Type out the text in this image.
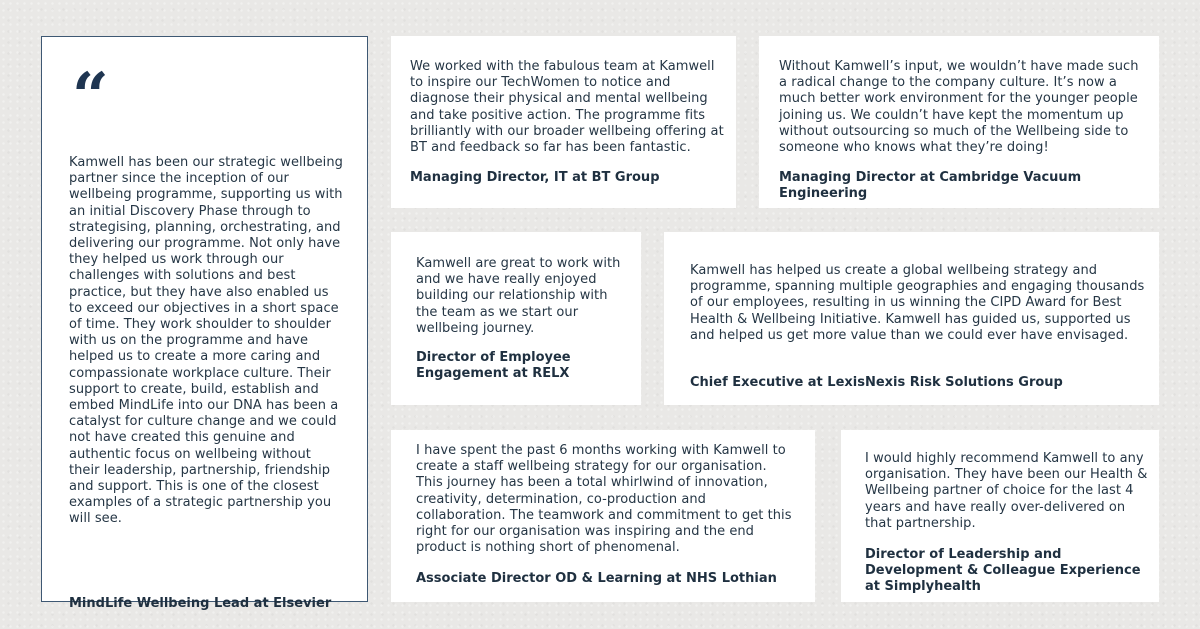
“

Kamwell has been our strategic wellbeing partner since the inception of our wellbeing programme, supporting us with an initial Discovery Phase through to strategising, planning, orchestrating, and delivering our programme. Not only have they helped us work through our challenges with solutions and best practice, but they have also enabled us to exceed our objectives in a short space of time. They work shoulder to shoulder with us on the programme and have helped us to create a more caring and compassionate workplace culture. Their support to create, build, establish and embed MindLife into our DNA has been a catalyst for culture change and we could not have created this genuine and authentic focus on wellbeing without their leadership, partnership, friendship and support. This is one of the closest examples of a strategic partnership you will see.

MindLife Wellbeing Lead at Elsevier

We worked with the fabulous team at Kamwell to inspire our TechWomen to notice and diagnose their physical and mental wellbeing and take positive action. The programme fits brilliantly with our broader wellbeing offering at BT and feedback so far has been fantastic.

Managing Director, IT at BT Group

Without Kamwell’s input, we wouldn’t have made such a radical change to the company culture. It’s now a much better work environment for the younger people joining us. We couldn’t have kept the momentum up without outsourcing so much of the Wellbeing side to someone who knows what they’re doing!

Managing Director at Cambridge Vacuum Engineering

Kamwell are great to work with and we have really enjoyed building our relationship with the team as we start our wellbeing journey.

Director of Employee Engagement at RELX

Kamwell has helped us create a global wellbeing strategy and programme, spanning multiple geographies and engaging thousands of our employees, resulting in us winning the CIPD Award for Best Health & Wellbeing Initiative. Kamwell has guided us, supported us and helped us get more value than we could ever have envisaged.

Chief Executive at LexisNexis Risk Solutions Group

I have spent the past 6 months working with Kamwell to create a staff wellbeing strategy for our organisation. This journey has been a total whirlwind of innovation, creativity, determination, co-production and collaboration. The teamwork and commitment to get this right for our organisation was inspiring and the end product is nothing short of phenomenal.

Associate Director OD & Learning at NHS Lothian

I would highly recommend Kamwell to any organisation. They have been our Health & Wellbeing partner of choice for the last 4 years and have really over-delivered on that partnership.

Director of Leadership and Development & Colleague Experience at Simplyhealth
